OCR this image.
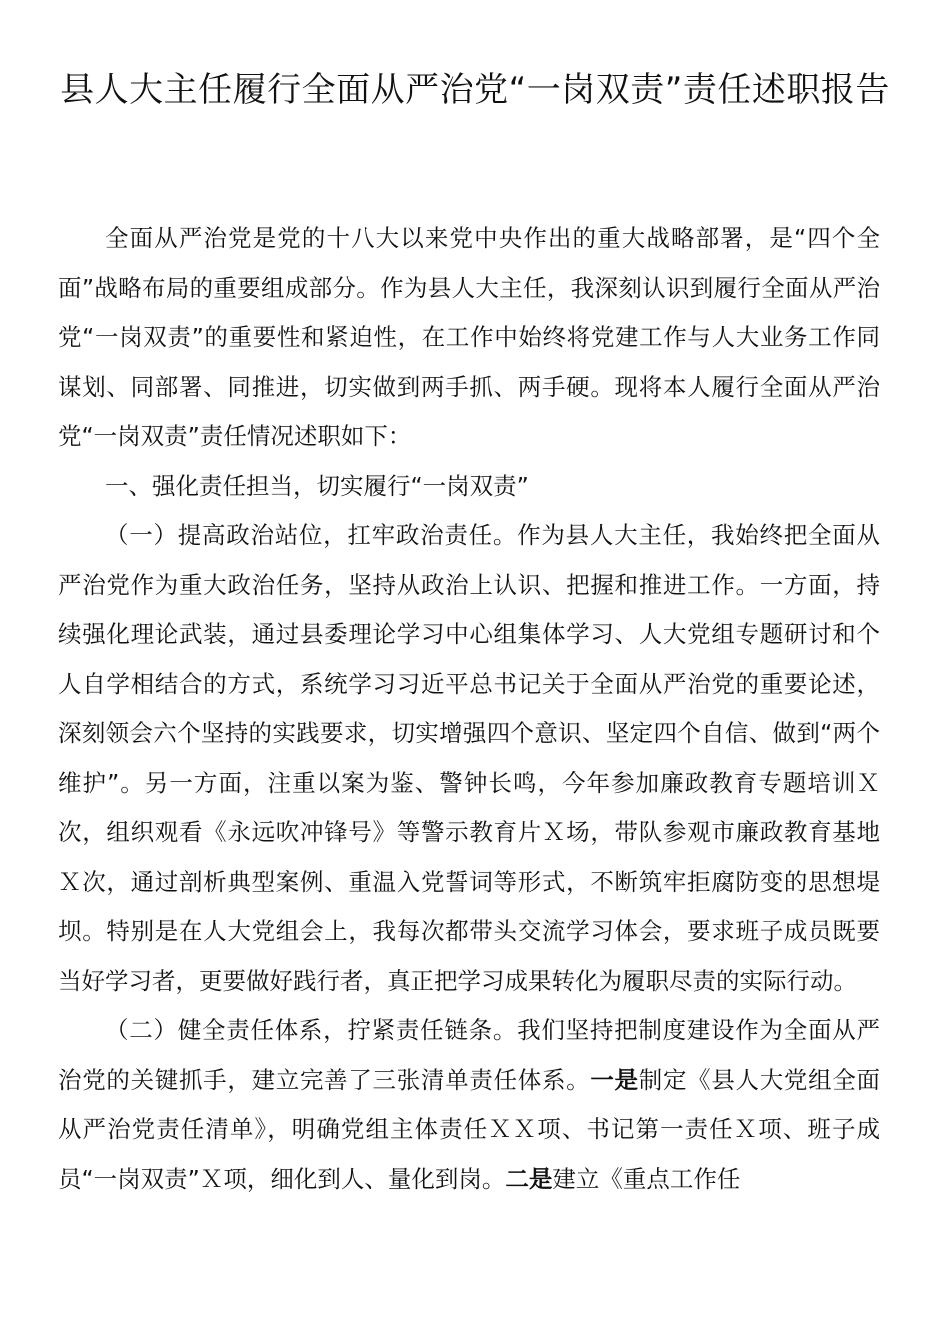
县人大主任履行全面从严治党“一岗双责”责任述职报告

全面从严治党是党的十八大以来党中央作出的重大战略部署，是“四个全面”战略布局的重要组成部分。作为县人大主任，我深刻认识到履行全面从严治党“一岗双责”的重要性和紧迫性，在工作中始终将党建工作与人大业务工作同谋划、同部署、同推进，切实做到两手抓、两手硬。现将本人履行全面从严治党“一岗双责”责任情况述职如下：

一、强化责任担当，切实履行“一岗双责”

（一）提高政治站位，扛牢政治责任。作为县人大主任，我始终把全面从严治党作为重大政治任务，坚持从政治上认识、把握和推进工作。一方面，持续强化理论武装，通过县委理论学习中心组集体学习、人大党组专题研讨和个人自学相结合的方式，系统学习习近平总书记关于全面从严治党的重要论述，深刻领会六个坚持的实践要求，切实增强四个意识、坚定四个自信、做到“两个维护”。另一方面，注重以案为鉴、警钟长鸣，今年参加廉政教育专题培训Ｘ次，组织观看《永远吹冲锋号》等警示教育片Ｘ场，带队参观市廉政教育基地Ｘ次，通过剖析典型案例、重温入党誓词等形式，不断筑牢拒腐防变的思想堤坝。特别是在人大党组会上，我每次都带头交流学习体会，要求班子成员既要当好学习者，更要做好践行者，真正把学习成果转化为履职尽责的实际行动。

（二）健全责任体系，拧紧责任链条。我们坚持把制度建设作为全面从严治党的关键抓手，建立完善了三张清单责任体系。一是制定《县人大党组全面从严治党责任清单》，明确党组主体责任ＸＸ项、书记第一责任Ｘ项、班子成员“一岗双责”Ｘ项，细化到人、量化到岗。二是建立《重点工作任
